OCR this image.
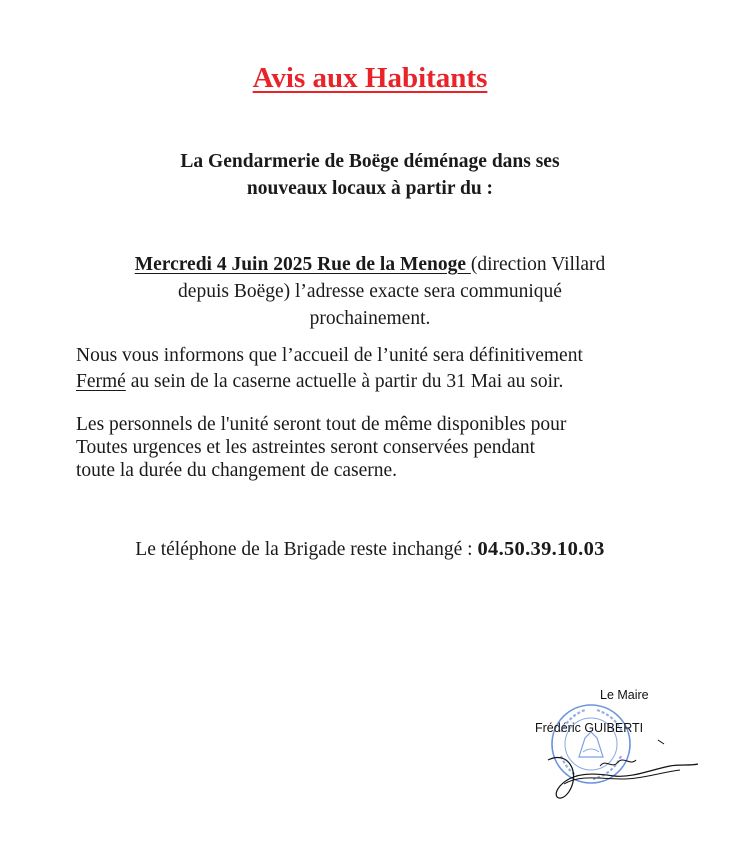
Avis aux Habitants
La Gendarmerie de Boëge déménage dans ses
nouveaux locaux à partir du :
Mercredi 4 Juin 2025 Rue de la Menoge (direction Villard
depuis Boëge) l’adresse exacte sera communiqué
prochainement.
Nous vous informons que l’accueil de l’unité sera définitivement
Fermé au sein de la caserne actuelle à partir du 31 Mai au soir.
Les personnels de l'unité seront tout de même disponibles pour
Toutes urgences et les astreintes seront conservées pendant
toute la durée du changement de caserne.
Le téléphone de la Brigade reste inchangé : 04.50.39.10.03
Le Maire
Frédéric GUIBERTI
